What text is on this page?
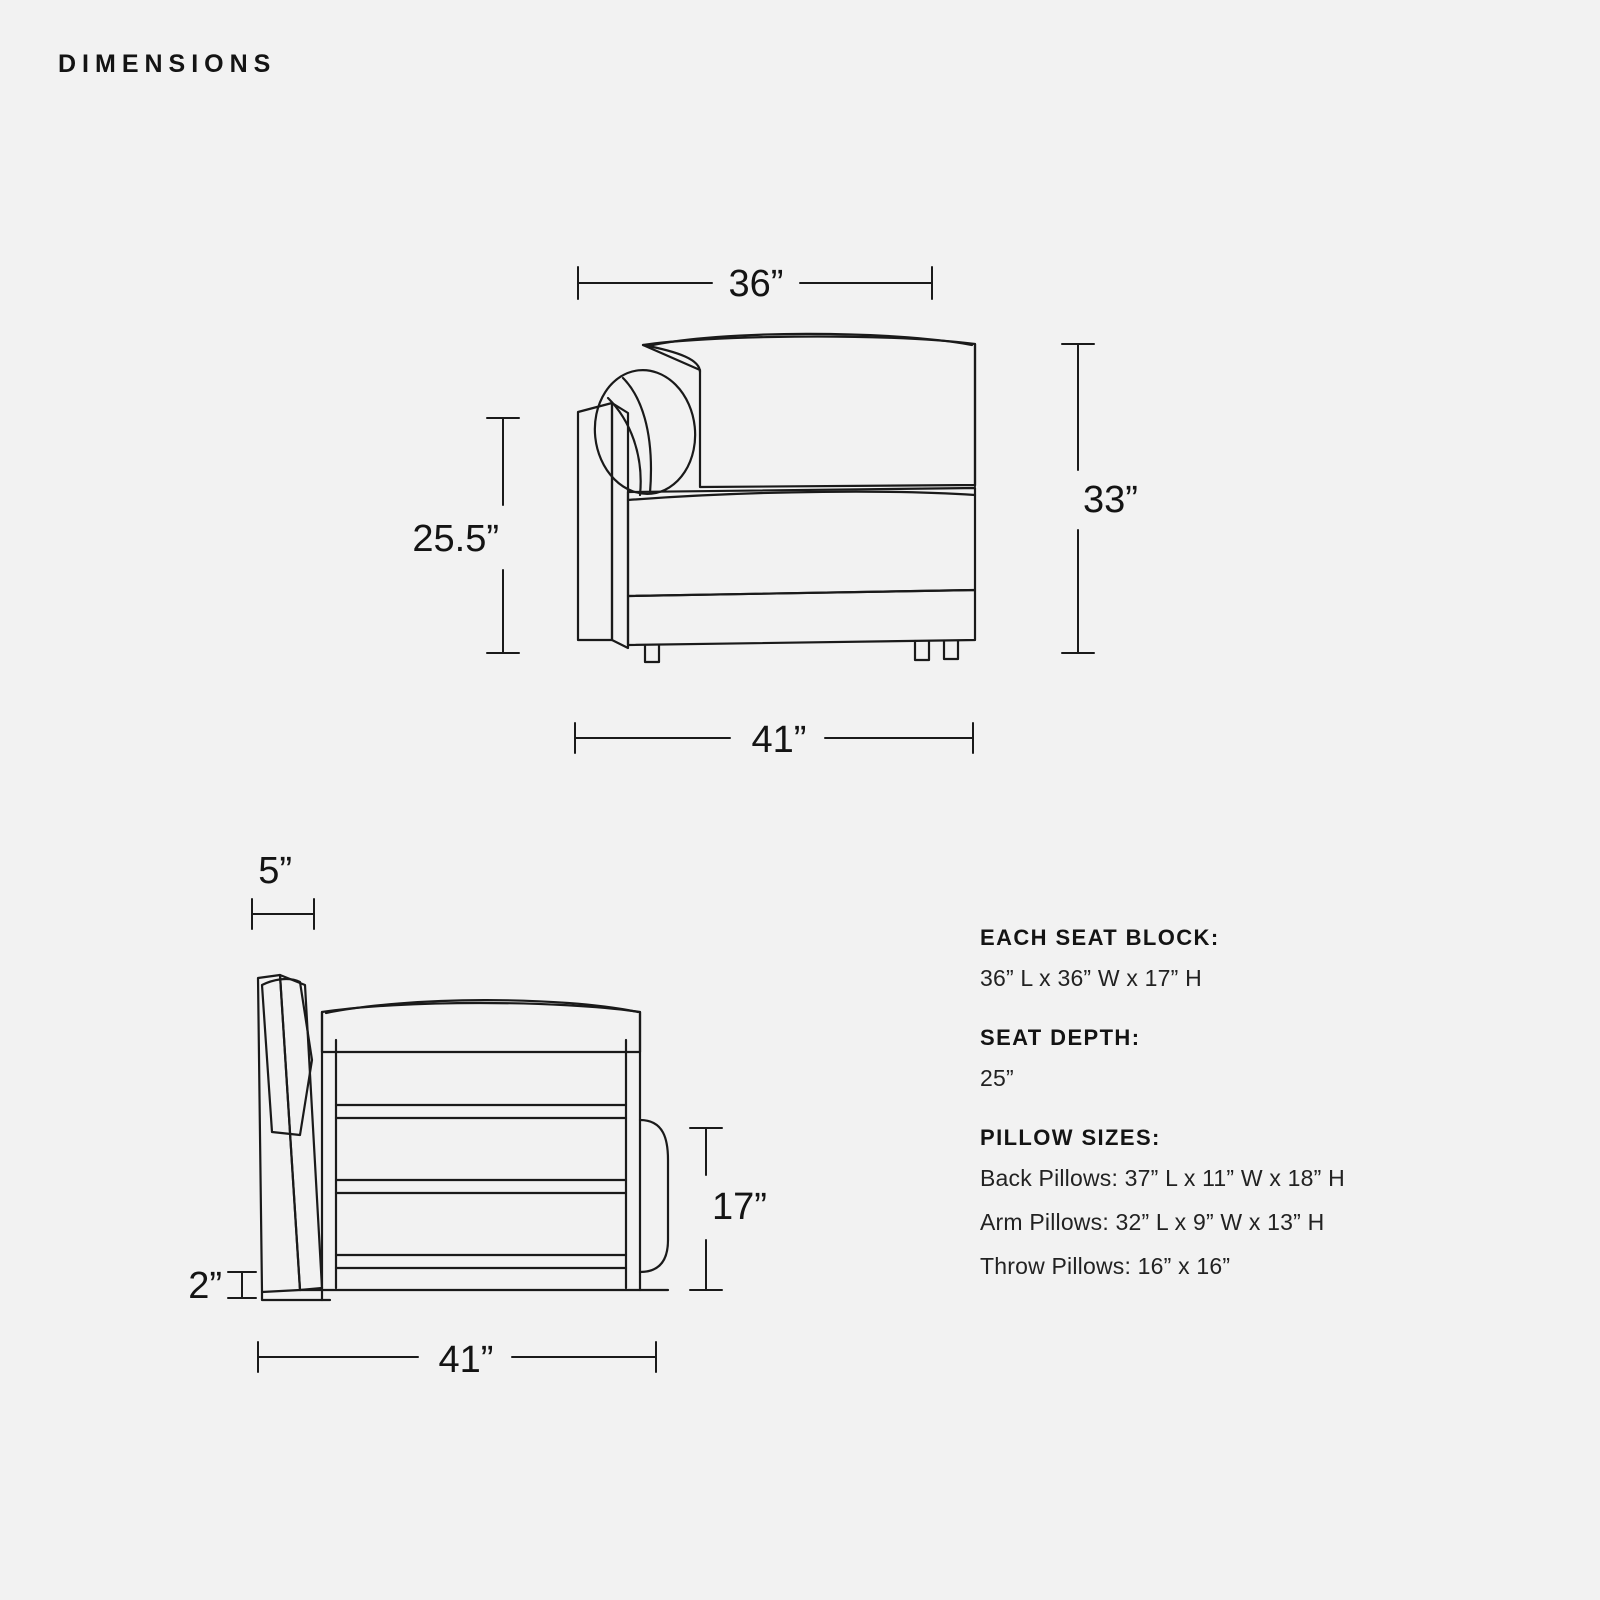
DIMENSIONS
36”
33”
25.5”
41”
5”
17”
2”
41”
EACH SEAT BLOCK:
36” L x 36” W x 17” H
SEAT DEPTH:
25”
PILLOW SIZES:
Back Pillows: 37” L x 11” W x 18” H
Arm Pillows: 32” L x 9” W x 13” H
Throw Pillows: 16” x 16”
